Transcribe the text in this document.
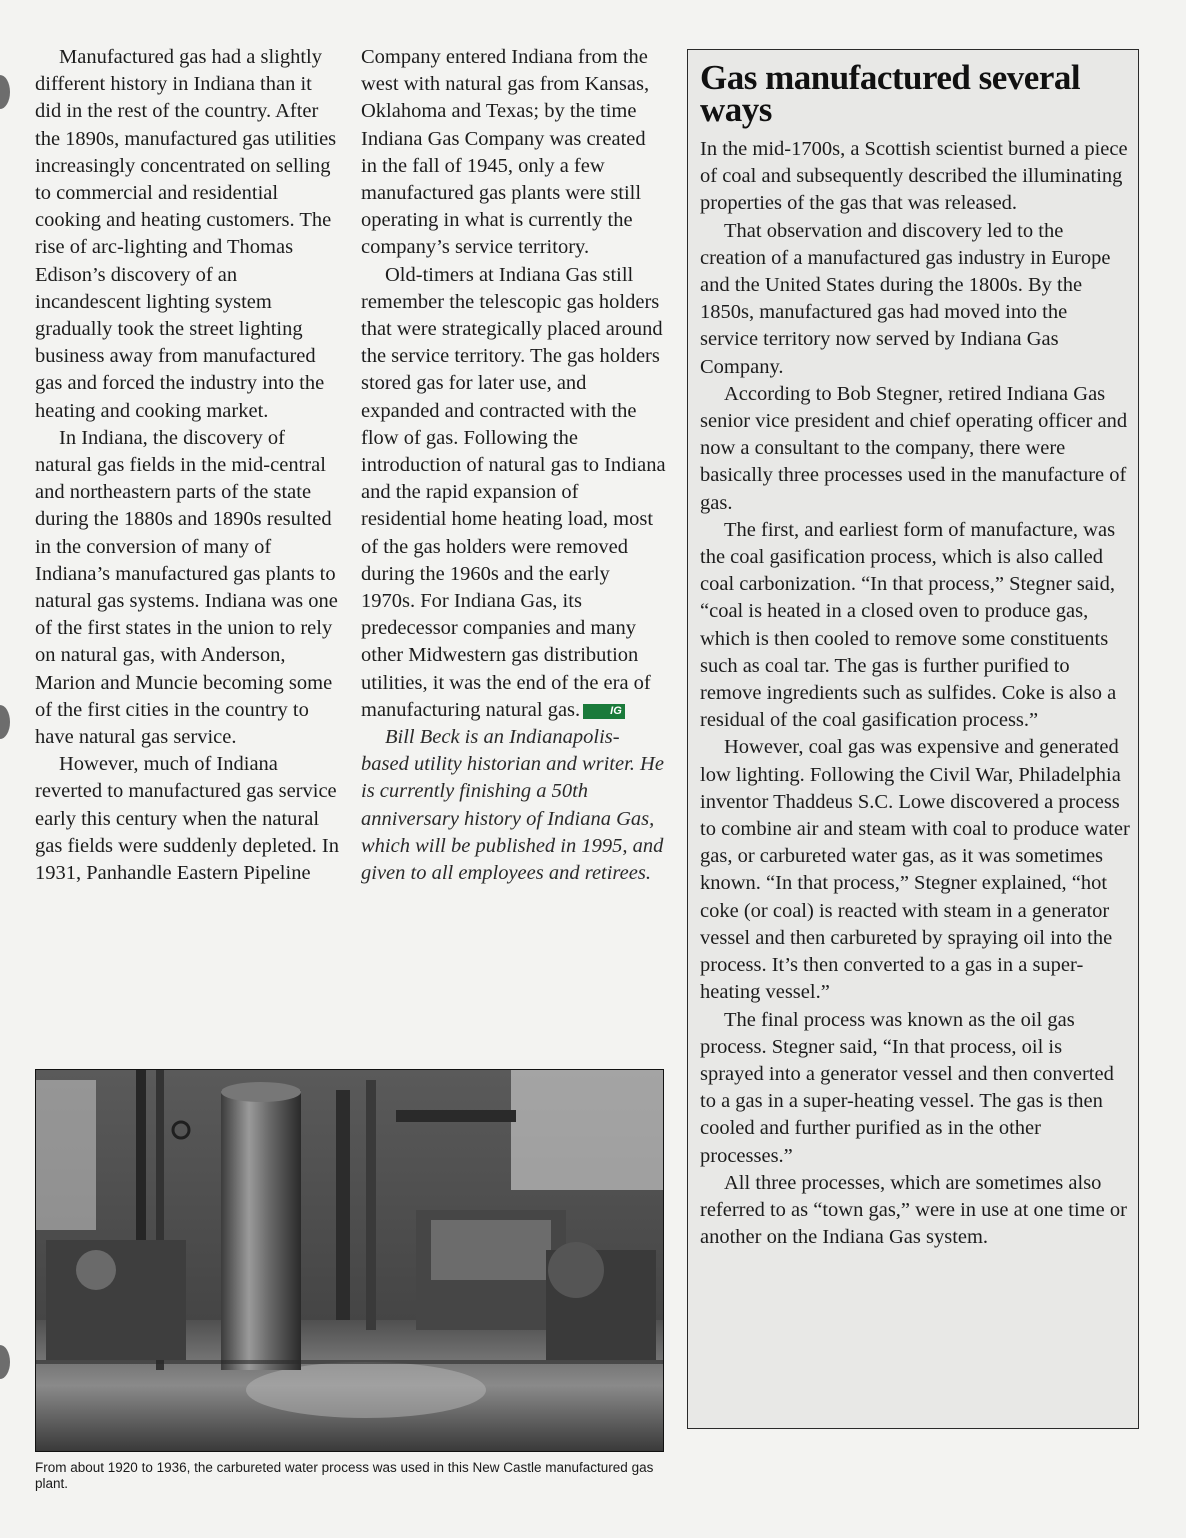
Manufactured gas had a slightly different history in Indiana than it did in the rest of the country. After the 1890s, manufactured gas utilities increasingly concentrated on selling to commercial and residential cooking and heating customers. The rise of arc-lighting and Thomas Edison’s discovery of an incandescent lighting system gradually took the street lighting business away from manufactured gas and forced the industry into the heating and cooking market.

In Indiana, the discovery of natural gas fields in the mid-central and northeastern parts of the state during the 1880s and 1890s resulted in the conversion of many of Indiana’s manufactured gas plants to natural gas systems. Indiana was one of the first states in the union to rely on natural gas, with Anderson, Marion and Muncie becoming some of the first cities in the country to have natural gas service.

However, much of Indiana reverted to manufactured gas service early this century when the natural gas fields were suddenly depleted. In 1931, Panhandle Eastern Pipeline

Company entered Indiana from the west with natural gas from Kansas, Oklahoma and Texas; by the time Indiana Gas Company was created in the fall of 1945, only a few manufactured gas plants were still operating in what is currently the company’s service territory.

Old-timers at Indiana Gas still remember the telescopic gas holders that were strategically placed around the service territory. The gas holders stored gas for later use, and expanded and contracted with the flow of gas. Following the introduction of natural gas to Indiana and the rapid expansion of residential home heating load, most of the gas holders were removed during the 1960s and the early 1970s. For Indiana Gas, its predecessor companies and many other Midwestern gas distribution utilities, it was the end of the era of manufacturing natural gas.	IG

Bill Beck is an Indianapolis-based utility historian and writer. He is currently finishing a 50th anniversary history of Indiana Gas, which will be published in 1995, and given to all employees and retirees.

Gas manufactured several ways

In the mid-1700s, a Scottish scientist burned a piece of coal and subsequently described the illuminating properties of the gas that was released.

That observation and discovery led to the creation of a manufactured gas industry in Europe and the United States during the 1800s. By the 1850s, manufactured gas had moved into the service territory now served by Indiana Gas Company.

According to Bob Stegner, retired Indiana Gas senior vice president and chief operating officer and now a consultant to the company, there were basically three processes used in the manufacture of gas.

The first, and earliest form of manufacture, was the coal gasification process, which is also called coal carbonization. “In that process,” Stegner said, “coal is heated in a closed oven to produce gas, which is then cooled to remove some constituents such as coal tar. The gas is further purified to remove ingredients such as sulfides. Coke is also a residual of the coal gasification process.”

However, coal gas was expensive and generated low lighting. Following the Civil War, Philadelphia inventor Thaddeus S.C. Lowe discovered a process to combine air and steam with coal to produce water gas, or carbureted water gas, as it was sometimes known. “In that process,” Stegner explained, “hot coke (or coal) is reacted with steam in a generator vessel and then carbureted by spraying oil into the process. It’s then converted to a gas in a super-heating vessel.”

The final process was known as the oil gas process. Stegner said, “In that process, oil is sprayed into a generator vessel and then converted to a gas in a super-heating vessel. The gas is then cooled and further purified as in the other processes.”

All three processes, which are sometimes also referred to as “town gas,” were in use at one time or another on the Indiana Gas system.

From about 1920 to 1936, the carbureted water process was used in this New Castle manufactured gas plant.
